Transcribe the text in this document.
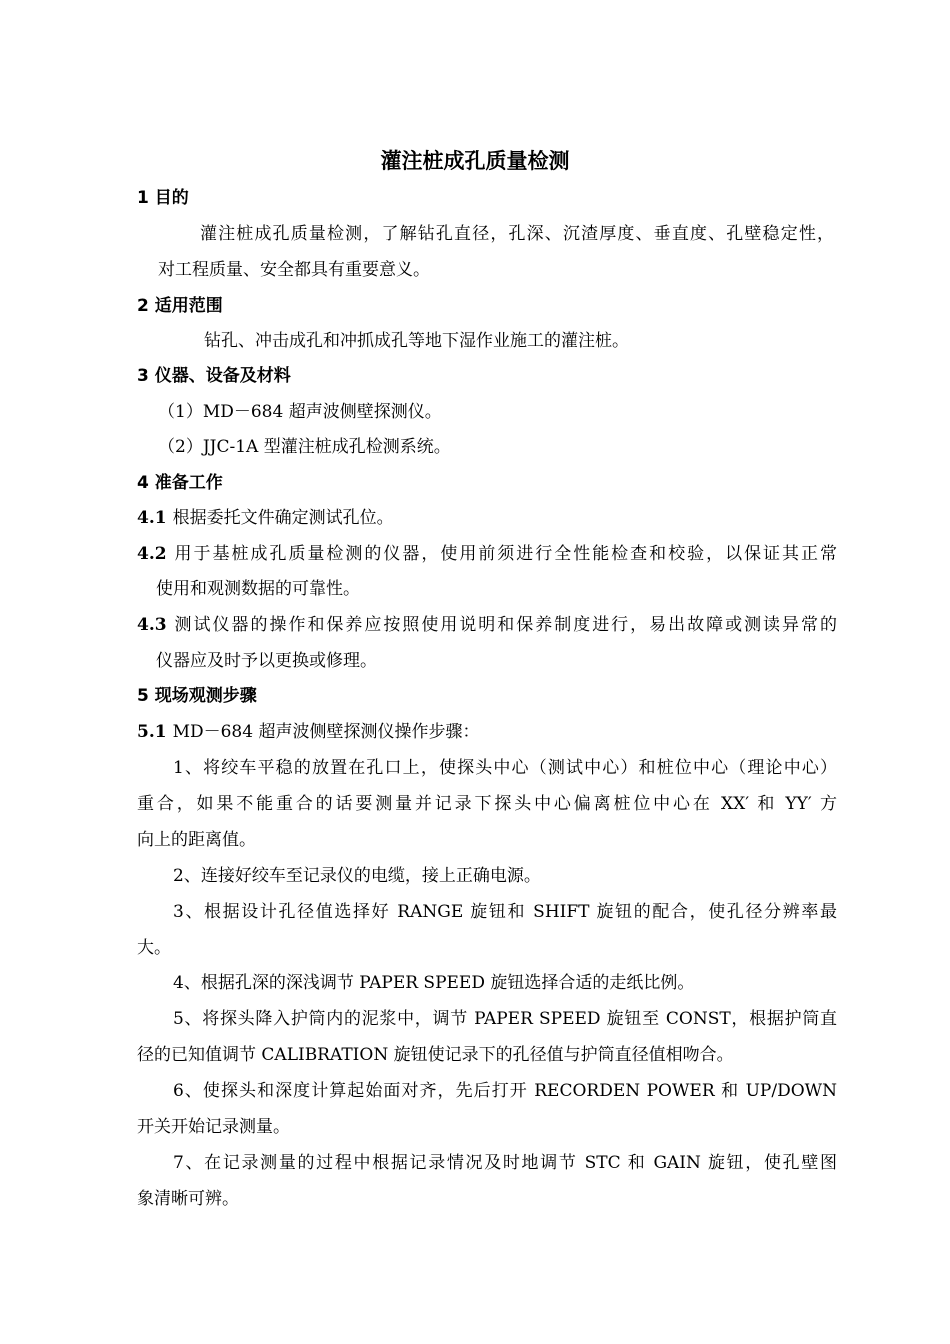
灌注桩成孔质量检测
1 目的
灌注桩成孔质量检测，了解钻孔直径，孔深、沉渣厚度、垂直度、孔壁稳定性，
对工程质量、安全都具有重要意义。
2 适用范围
钻孔、冲击成孔和冲抓成孔等地下湿作业施工的灌注桩。
3 仪器、设备及材料
（1）MD－684 超声波侧壁探测仪。
（2）JJC-1A 型灌注桩成孔检测系统。
4 准备工作
4.1 根据委托文件确定测试孔位。
4.2 用于基桩成孔质量检测的仪器，使用前须进行全性能检查和校验，以保证其正常
使用和观测数据的可靠性。
4.3 测试仪器的操作和保养应按照使用说明和保养制度进行，易出故障或测读异常的
仪器应及时予以更换或修理。
5 现场观测步骤
5.1 MD－684 超声波侧壁探测仪操作步骤：
1、将绞车平稳的放置在孔口上，使探头中心（测试中心）和桩位中心（理论中心）
重合，如果不能重合的话要测量并记录下探头中心偏离桩位中心在 XX′ 和 YY′ 方
向上的距离值。
2、连接好绞车至记录仪的电缆，接上正确电源。
3、根据设计孔径值选择好 RANGE 旋钮和 SHIFT 旋钮的配合，使孔径分辨率最
大。
4、根据孔深的深浅调节 PAPER SPEED 旋钮选择合适的走纸比例。
5、将探头降入护筒内的泥浆中，调节 PAPER SPEED 旋钮至 CONST，根据护筒直
径的已知值调节 CALIBRATION 旋钮使记录下的孔径值与护筒直径值相吻合。
6、使探头和深度计算起始面对齐，先后打开 RECORDEN POWER 和 UP/DOWN
开关开始记录测量。
7、在记录测量的过程中根据记录情况及时地调节 STC 和 GAIN 旋钮，使孔壁图
象清晰可辨。
